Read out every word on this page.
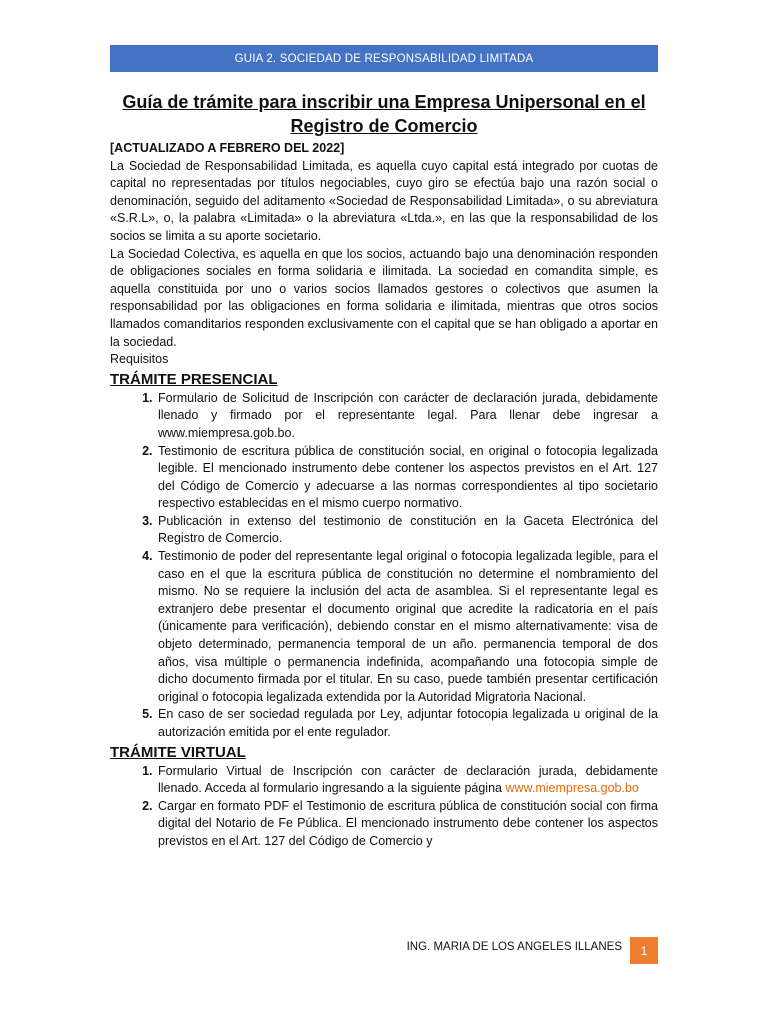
GUIA 2. SOCIEDAD DE RESPONSABILIDAD LIMITADA
Guía de trámite para inscribir una Empresa Unipersonal en el Registro de Comercio
[ACTUALIZADO A FEBRERO DEL 2022]

La Sociedad de Responsabilidad Limitada, es aquella cuyo capital está integrado por cuotas de capital no representadas por títulos negociables, cuyo giro se efectúa bajo una razón social o denominación, seguido del aditamento «Sociedad de Responsabilidad Limitada», o su abreviatura «S.R.L», o, la palabra «Limitada» o la abreviatura «Ltda.», en las que la responsabilidad de los socios se limita a su aporte societario.

La Sociedad Colectiva, es aquella en que los socios, actuando bajo una denominación responden de obligaciones sociales en forma solidaria e ilimitada. La sociedad en comandita simple, es aquella constituida por uno o varios socios llamados gestores o colectivos que asumen la responsabilidad por las obligaciones en forma solidaria e ilimitada, mientras que otros socios llamados comanditarios responden exclusivamente con el capital que se han obligado a aportar en la sociedad.

Requisitos

TRÁMITE PRESENCIAL
1. Formulario de Solicitud de Inscripción con carácter de declaración jurada, debidamente llenado y firmado por el representante legal. Para llenar debe ingresar a www.miempresa.gob.bo.
2. Testimonio de escritura pública de constitución social, en original o fotocopia legalizada legible. El mencionado instrumento debe contener los aspectos previstos en el Art. 127 del Código de Comercio y adecuarse a las normas correspondientes al tipo societario respectivo establecidas en el mismo cuerpo normativo.
3. Publicación in extenso del testimonio de constitución en la Gaceta Electrónica del Registro de Comercio.
4. Testimonio de poder del representante legal original o fotocopia legalizada legible, para el caso en el que la escritura pública de constitución no determine el nombramiento del mismo. No se requiere la inclusión del acta de asamblea. Si el representante legal es extranjero debe presentar el documento original que acredite la radicatoria en el país (únicamente para verificación), debiendo constar en el mismo alternativamente: visa de objeto determinado, permanencia temporal de un año. permanencia temporal de dos años, visa múltiple o permanencia indefinida, acompañando una fotocopia simple de dicho documento firmada por el titular. En su caso, puede también presentar certificación original o fotocopia legalizada extendida por la Autoridad Migratoria Nacional.
5. En caso de ser sociedad regulada por Ley, adjuntar fotocopia legalizada u original de la autorización emitida por el ente regulador.
TRÁMITE VIRTUAL
1. Formulario Virtual de Inscripción con carácter de declaración jurada, debidamente llenado. Acceda al formulario ingresando a la siguiente página www.miempresa.gob.bo
2. Cargar en formato PDF el Testimonio de escritura pública de constitución social con firma digital del Notario de Fe Pública. El mencionado instrumento debe contener los aspectos previstos en el Art. 127 del Código de Comercio y
ING. MARIA DE LOS ANGELES ILLANES 1
